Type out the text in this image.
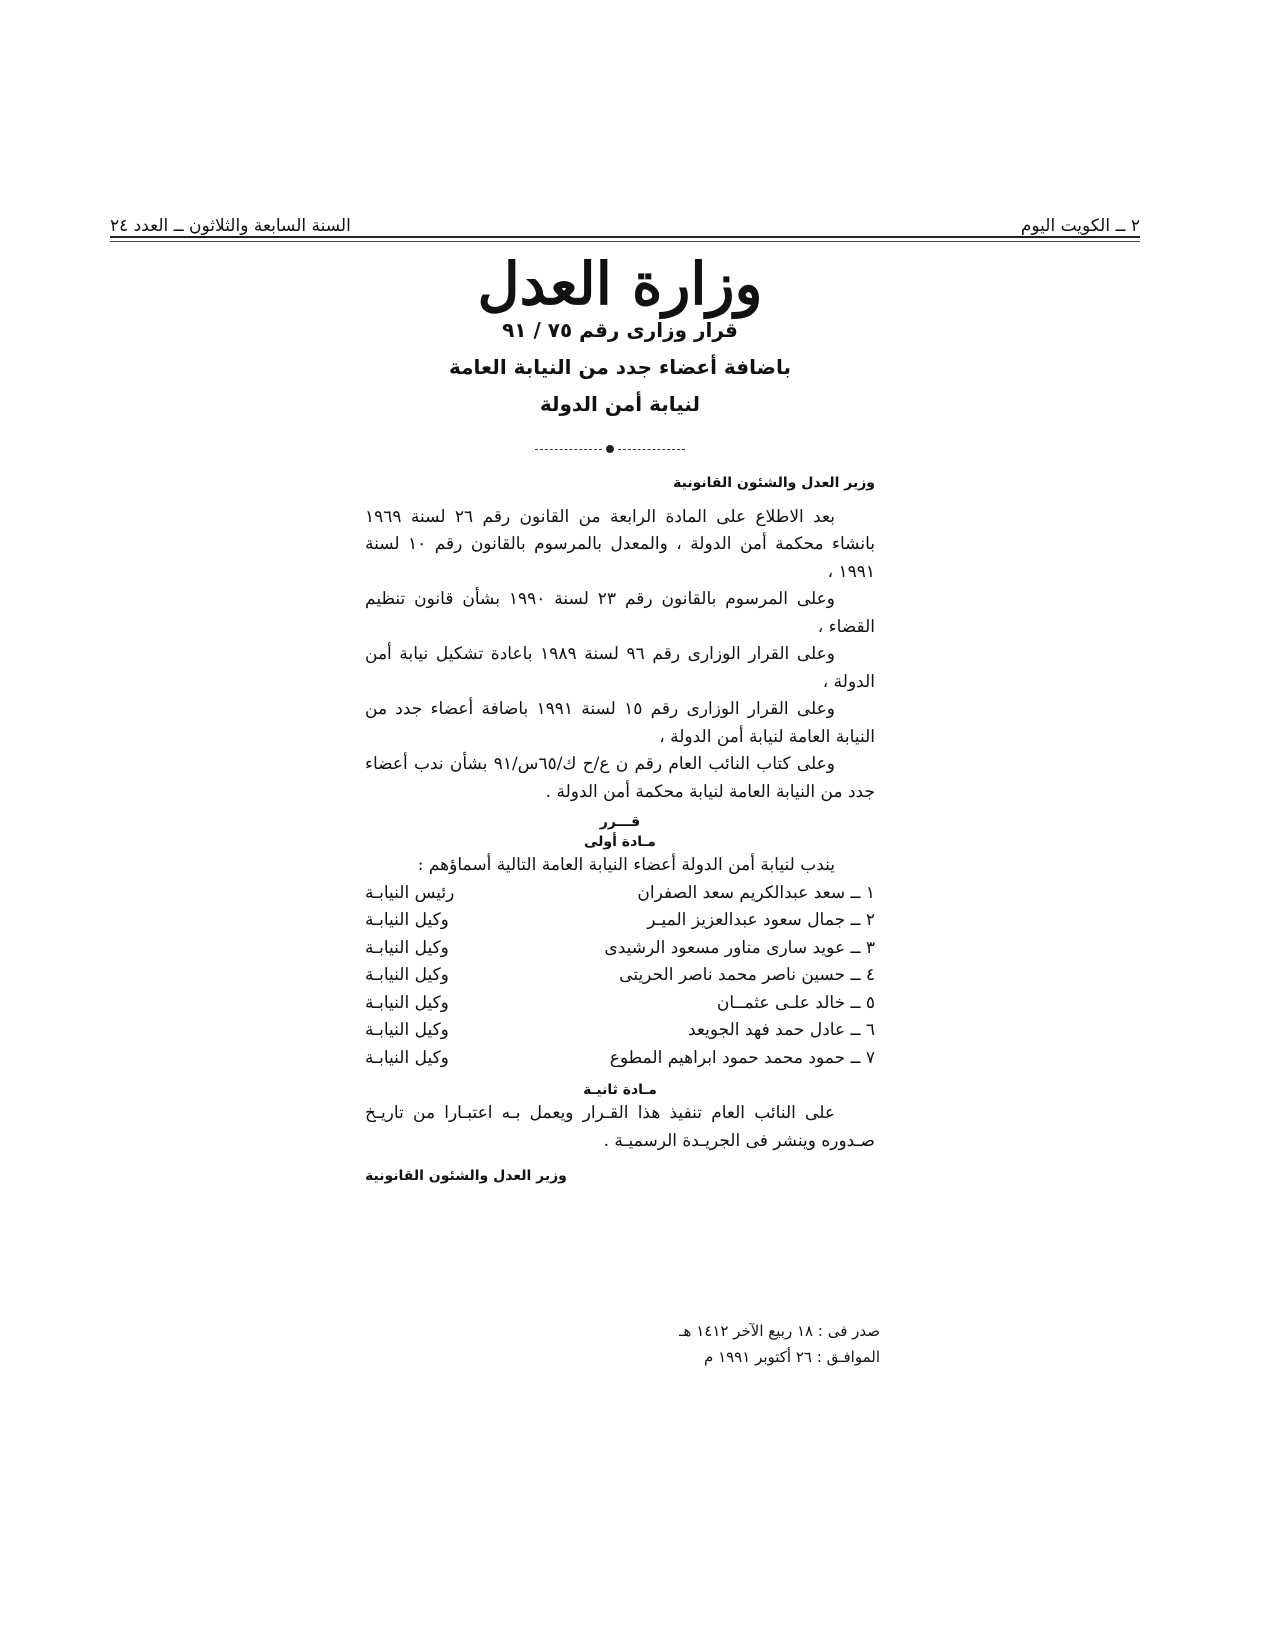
٢ ــ الكويت اليوم
السنة السابعة والثلاثون ــ العدد ٢٤
وزارة العدل
قرار وزارى رقم ٧٥ / ٩١
باضافة أعضاء جدد من النيابة العامة
لنيابة أمن الدولة
وزير العدل والشئون القانونية

بعد الاطلاع على المادة الرابعة من القانون رقم ٢٦ لسنة ١٩٦٩ بانشاء محكمة أمن الدولة ، والمعدل بالمرسوم بالقانون رقم ١٠ لسنة ١٩٩١ ،

وعلى المرسوم بالقانون رقم ٢٣ لسنة ١٩٩٠ بشأن قانون تنظيم القضاء ،

وعلى القرار الوزارى رقم ٩٦ لسنة ١٩٨٩ باعادة تشكيل نيابة أمن الدولة ،

وعلى القرار الوزارى رقم ١٥ لسنة ١٩٩١ باضافة أعضاء جدد من النيابة العامة لنيابة أمن الدولة ،

وعلى كتاب النائب العام رقم ن ع/ح ك/٦٥س/٩١ بشأن ندب أعضاء جدد من النيابة العامة لنيابة محكمة أمن الدولة .

قـــرر
مـادة أولى

يندب لنيابة أمن الدولة أعضاء النيابة العامة التالية أسماؤهم :

١ ــ سعد عبدالكريم سعد الصفران
رئيس النيابـة
٢ ــ جمال سعود عبدالعزيز الميـر
وكيل النيابـة
٣ ــ عويد سارى مناور مسعود الرشيدى
وكيل النيابـة
٤ ــ حسين ناصر محمد ناصر الحريتى
وكيل النيابـة
٥ ــ خالد علـى عثمــان
وكيل النيابـة
٦ ــ عادل حمد فهد الجويعد
وكيل النيابـة
٧ ــ حمود محمد حمود ابراهيم المطوع
وكيل النيابـة
مـادة ثانيـة

على النائب العام تنفيذ هذا القـرار ويعمل بـه اعتبـارا من تاريـخ صـدوره وينشر فى الجريـدة الرسميـة .

وزير العدل والشئون القانونية
صدر فى : ١٨ ربيع الآخر ١٤١٢ هـ
الموافـق : ٢٦ أكتوبر ١٩٩١ م
